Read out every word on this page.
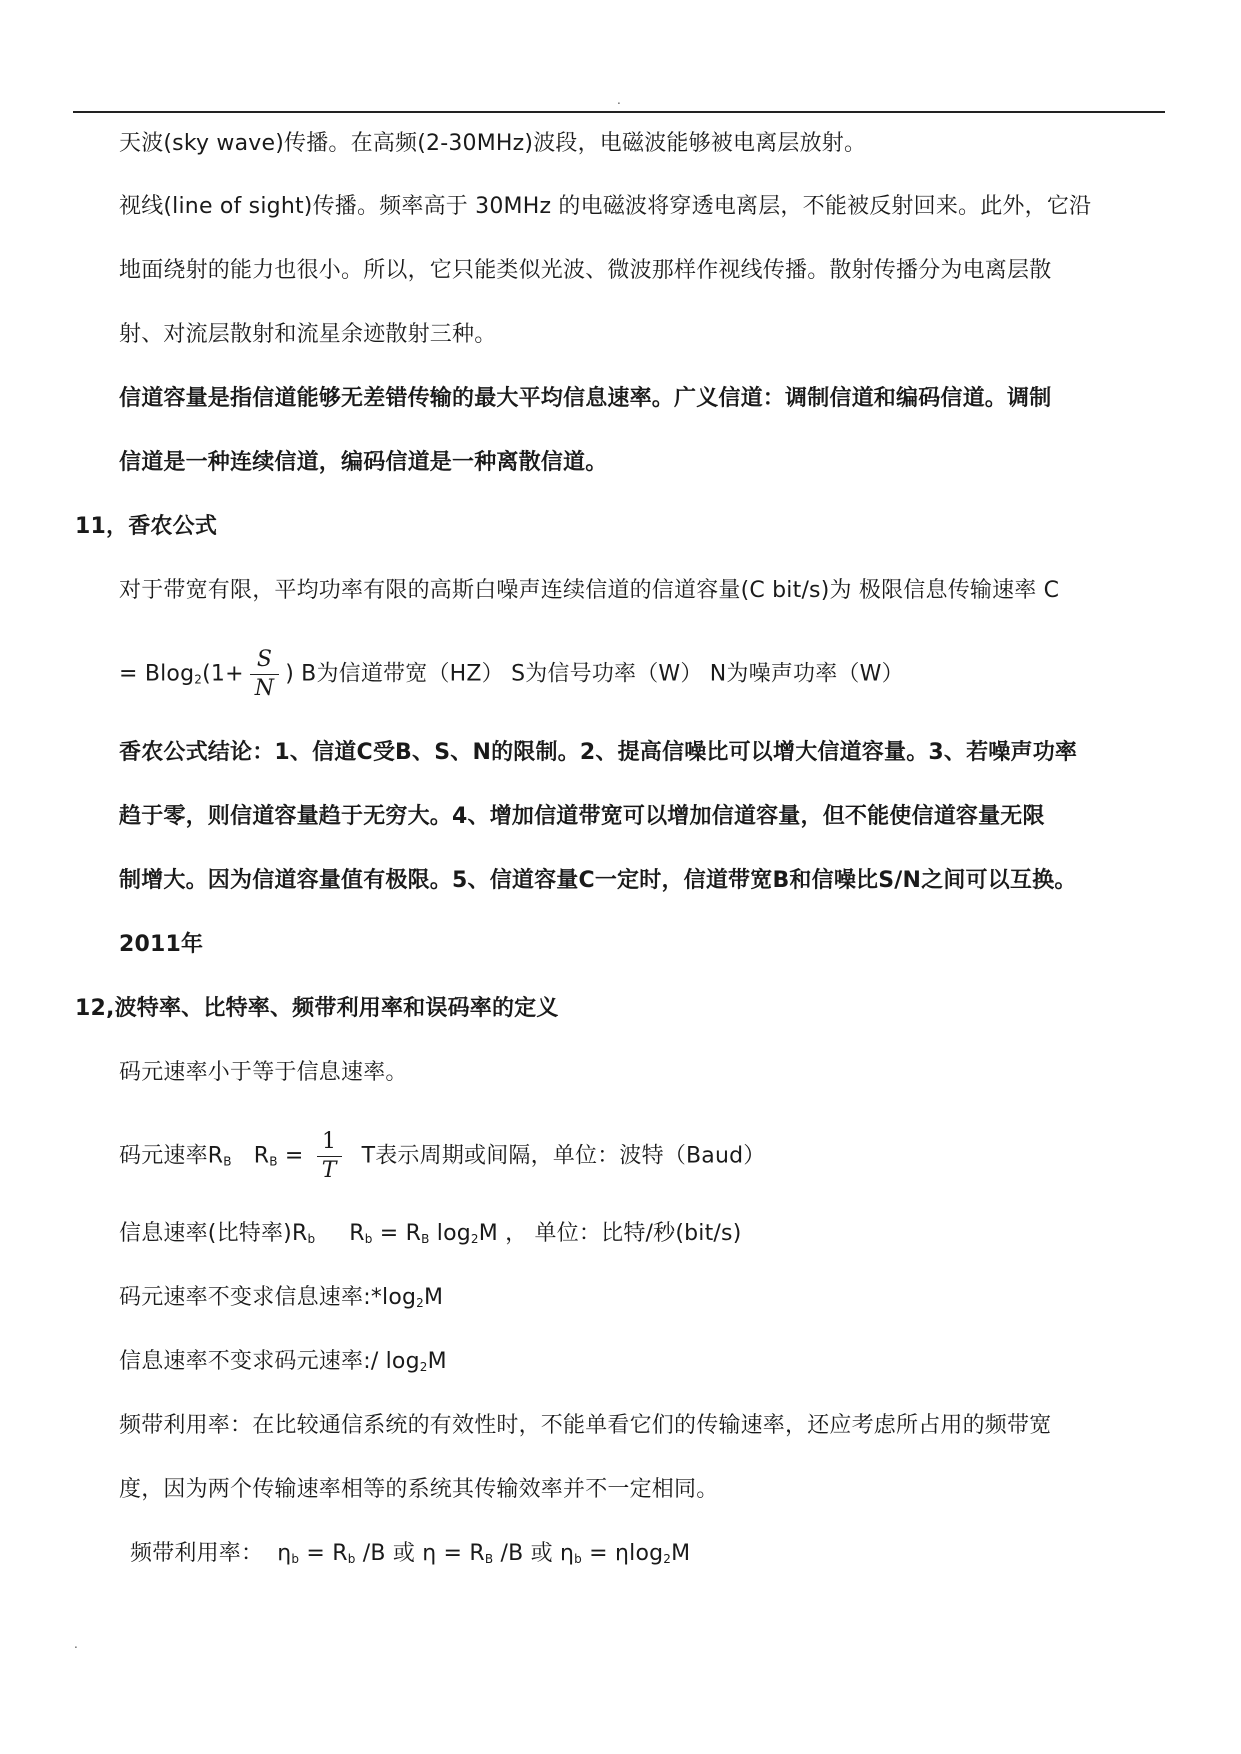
.
天波(sky wave)传播。在高频(2-30MHz)波段，电磁波能够被电离层放射。
视线(line of sight)传播。频率高于 30MHz 的电磁波将穿透电离层，不能被反射回来。此外，它沿
地面绕射的能力也很小。所以，它只能类似光波、微波那样作视线传播。散射传播分为电离层散
射、对流层散射和流星余迹散射三种。
信道容量是指信道能够无差错传输的最大平均信息速率。广义信道：调制信道和编码信道。调制
信道是一种连续信道，编码信道是一种离散信道。
11，香农公式
对于带宽有限，平均功率有限的高斯白噪声连续信道的信道容量(C bit/s)为 极限信息传输速率 C
= $Blog_2(1+ \frac{S}{N}$ ) B为信道带宽（HZ） S为信号功率（W） N为噪声功率（W）
香农公式结论：1、信道C受B、S、N的限制。2、提高信噪比可以增大信道容量。3、若噪声功率
趋于零，则信道容量趋于无穷大。4、增加信道带宽可以增加信道容量，但不能使信道容量无限
制增大。因为信道容量值有极限。5、信道容量C一定时，信道带宽B和信噪比S/N之间可以互换。
2011年
12,波特率、比特率、频带利用率和误码率的定义
码元速率小于等于信息速率。
码元速率$R_B$ $R_B = \frac{1}{T}$ T表示周期或间隔，单位：波特（Baud）
信息速率(比特率)$R_b$ $R_b = R_B$ $\log_2M$ ， 单位：比特/秒(bit/s)
码元速率不变求信息速率$:*\log_2M$
信息速率不变求码元速率:/ $\log_2M$
频带利用率：在比较通信系统的有效性时，不能单看它们的传输速率，还应考虑所占用的频带宽
度，因为两个传输速率相等的系统其传输效率并不一定相同。
频带利用率： $\eta_b = R_b$ /B 或 $\eta = R_B$ /B 或 $\eta_b = \eta\log_2M$
.
